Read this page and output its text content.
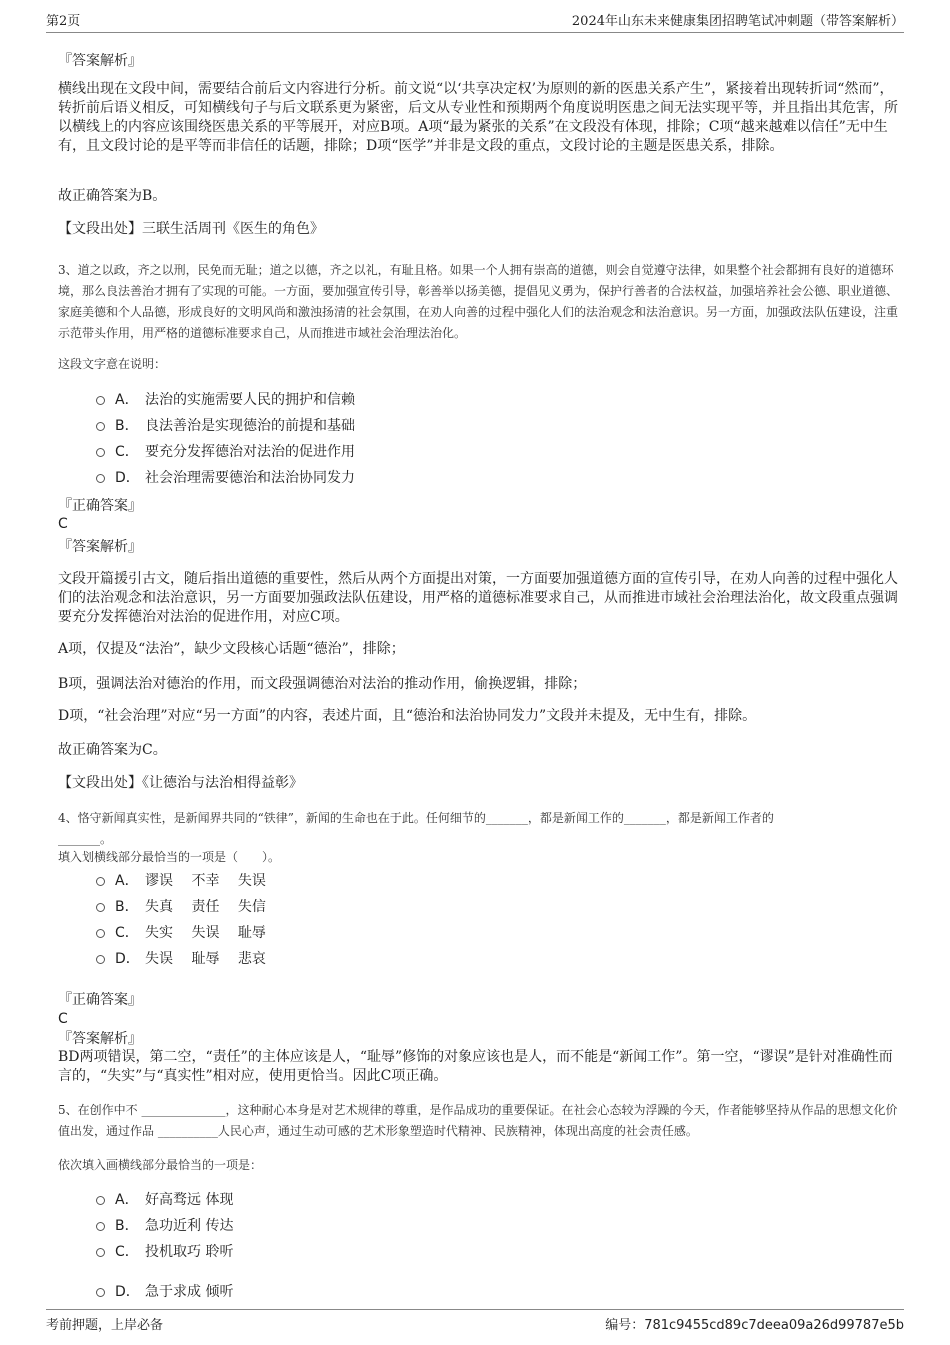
第2页	2024年山东未来健康集团招聘笔试冲刺题（带答案解析）
『答案解析』
横线出现在文段中间，需要结合前后文内容进行分析。前文说“以‘共享决定权’为原则的新的医患关系产生”，紧接着出现转折词“然而”，转折前后语义相反，可知横线句子与后文联系更为紧密，后文从专业性和预期两个角度说明医患之间无法实现平等，并且指出其危害，所以横线上的内容应该围绕医患关系的平等展开，对应B项。A项“最为紧张的关系”在文段没有体现，排除；C项“越来越难以信任”无中生有，且文段讨论的是平等而非信任的话题，排除；D项“医学”并非是文段的重点，文段讨论的主题是医患关系，排除。
故正确答案为B。
【文段出处】三联生活周刊《医生的角色》
3、道之以政，齐之以刑，民免而无耻；道之以德，齐之以礼，有耻且格。如果一个人拥有崇高的道德，则会自觉遵守法律，如果整个社会都拥有良好的道德环境，那么良法善治才拥有了实现的可能。一方面，要加强宣传引导，彰善举以扬美德，提倡见义勇为，保护行善者的合法权益，加强培养社会公德、职业道德、家庭美德和个人品德，形成良好的文明风尚和激浊扬清的社会氛围，在劝人向善的过程中强化人们的法治观念和法治意识。另一方面，加强政法队伍建设，注重示范带头作用，用严格的道德标准要求自己，从而推进市域社会治理法治化。
这段文字意在说明：
A． 法治的实施需要人民的拥护和信赖
B． 良法善治是实现德治的前提和基础
C． 要充分发挥德治对法治的促进作用
D． 社会治理需要德治和法治协同发力
『正确答案』
C
『答案解析』
文段开篇援引古文，随后指出道德的重要性，然后从两个方面提出对策，一方面要加强道德方面的宣传引导，在劝人向善的过程中强化人们的法治观念和法治意识，另一方面要加强政法队伍建设，用严格的道德标准要求自己，从而推进市域社会治理法治化，故文段重点强调要充分发挥德治对法治的促进作用，对应C项。
A项，仅提及“法治”，缺少文段核心话题“德治”，排除；
B项，强调法治对德治的作用，而文段强调德治对法治的推动作用，偷换逻辑，排除；
D项，“社会治理”对应“另一方面”的内容，表述片面，且“德治和法治协同发力”文段并未提及，无中生有，排除。
故正确答案为C。
【文段出处】《让德治与法治相得益彰》
4、恪守新闻真实性，是新闻界共同的“铁律”，新闻的生命也在于此。任何细节的_______，都是新闻工作的_______，都是新闻工作者的
_______。
填入划横线部分最恰当的一项是（　　）。
A． 谬误　 不幸　 失误
B． 失真　 责任　 失信
C． 失实　 失误　 耻辱
D． 失误　 耻辱　 悲哀
『正确答案』
C
『答案解析』
BD两项错误，第二空，“责任”的主体应该是人，“耻辱”修饰的对象应该也是人，而不能是“新闻工作”。第一空，“谬误”是针对准确性而言的，“失实”与“真实性”相对应，使用更恰当。因此C项正确。
5、在创作中不 ______________，这种耐心本身是对艺术规律的尊重，是作品成功的重要保证。在社会心态较为浮躁的今天，作者能够坚持从作品的思想文化价值出发，通过作品 __________人民心声，通过生动可感的艺术形象塑造时代精神、民族精神，体现出高度的社会责任感。
依次填入画横线部分最恰当的一项是：
A． 好高骛远 体现
B． 急功近利 传达
C． 投机取巧 聆听
D． 急于求成 倾听
考前押题，上岸必备	编号：781c9455cd89c7deea09a26d99787e5b
